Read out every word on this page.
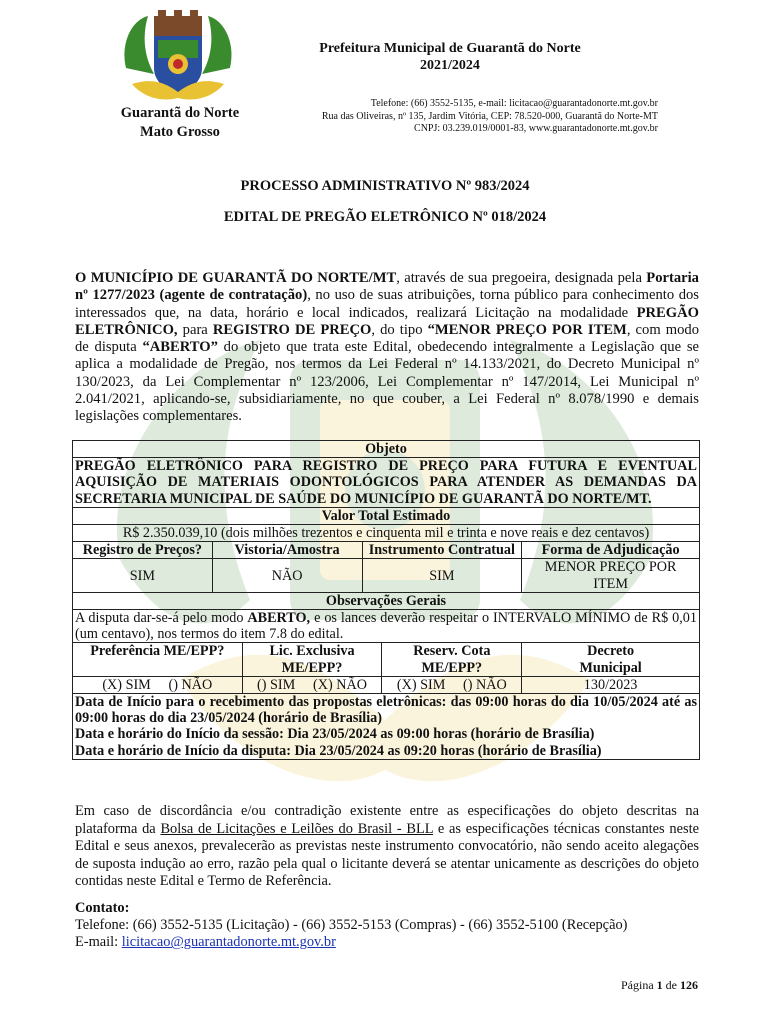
Guarantã do Norte
Mato Grosso
Prefeitura Municipal de Guarantã do Norte
2021/2024
Telefone: (66) 3552-5135, e-mail: licitacao@guarantadonorte.mt.gov.br
Rua das Oliveiras, nº 135, Jardim Vitória, CEP: 78.520-000, Guarantã do Norte-MT
CNPJ: 03.239.019/0001-83, www.guarantadonorte.mt.gov.br
PROCESSO ADMINISTRATIVO Nº 983/2024
EDITAL DE PREGÃO ELETRÔNICO Nº 018/2024
O MUNICÍPIO DE GUARANTÃ DO NORTE/MT, através de sua pregoeira, designada pela Portaria nº 1277/2023 (agente de contratação), no uso de suas atribuições, torna público para conhecimento dos interessados que, na data, horário e local indicados, realizará Licitação na modalidade PREGÃO ELETRÔNICO, para REGISTRO DE PREÇO, do tipo “MENOR PREÇO POR ITEM, com modo de disputa “ABERTO” do objeto que trata este Edital, obedecendo integralmente a Legislação que se aplica a modalidade de Pregão, nos termos da Lei Federal nº 14.133/2021, do Decreto Municipal nº 130/2023, da Lei Complementar nº 123/2006, Lei Complementar nº 147/2014, Lei Municipal nº 2.041/2021, aplicando-se, subsidiariamente, no que couber, a Lei Federal nº 8.078/1990 e demais legislações complementares.
Objeto					
PREGÃO ELETRÔNICO PARA REGISTRO DE PREÇO PARA FUTURA E EVENTUAL AQUISIÇÃO DE MATERIAIS ODONTOLÓGICOS PARA ATENDER AS DEMANDAS DA SECRETARIA MUNICIPAL DE SAÚDE DO MUNICÍPIO DE GUARANTÃ DO NORTE/MT.					
Valor Total Estimado					
R$ 2.350.039,10 (dois milhões trezentos e cinquenta mil e trinta e nove reais e dez centavos)					
Registro de Preços?	Vistoria/Amostra		Instrumento Contratual		Forma de Adjudicação
SIM	NÃO		SIM		MENOR PREÇO POR ITEM
Observações Gerais					
A disputa dar-se-á pelo modo ABERTO, e os lances deverão respeitar o INTERVALO MÍNIMO de R$ 0,01 (um centavo), nos termos do item 7.8 do edital.					
Preferência ME/EPP?		Lic. Exclusiva ME/EPP?		Reserv. Cota ME/EPP?	Decreto Municipal
(X) SIM     () NÃO		() SIM     (X) NÃO		(X) SIM     () NÃO	130/2023
Data de Início para o recebimento das propostas eletrônicas: das 09:00 horas do dia 10/05/2024 até as 09:00 horas do dia 23/05/2024 (horário de Brasília)					
Data e horário do Início da sessão: Dia 23/05/2024 as 09:00 horas (horário de Brasília)					
Data e horário de Início da disputa: Dia 23/05/2024 as 09:20 horas (horário de Brasília)					
Em caso de discordância e/ou contradição existente entre as especificações do objeto descritas na plataforma da Bolsa de Licitações e Leilões do Brasil - BLL e as especificações técnicas constantes neste Edital e seus anexos, prevalecerão as previstas neste instrumento convocatório, não sendo aceito alegações de suposta indução ao erro, razão pela qual o licitante deverá se atentar unicamente as descrições do objeto contidas neste Edital e Termo de Referência.
Contato:
Telefone: (66) 3552-5135 (Licitação) - (66) 3552-5153 (Compras) - (66) 3552-5100 (Recepção)
E-mail: licitacao@guarantadonorte.mt.gov.br
Página 1 de 126
